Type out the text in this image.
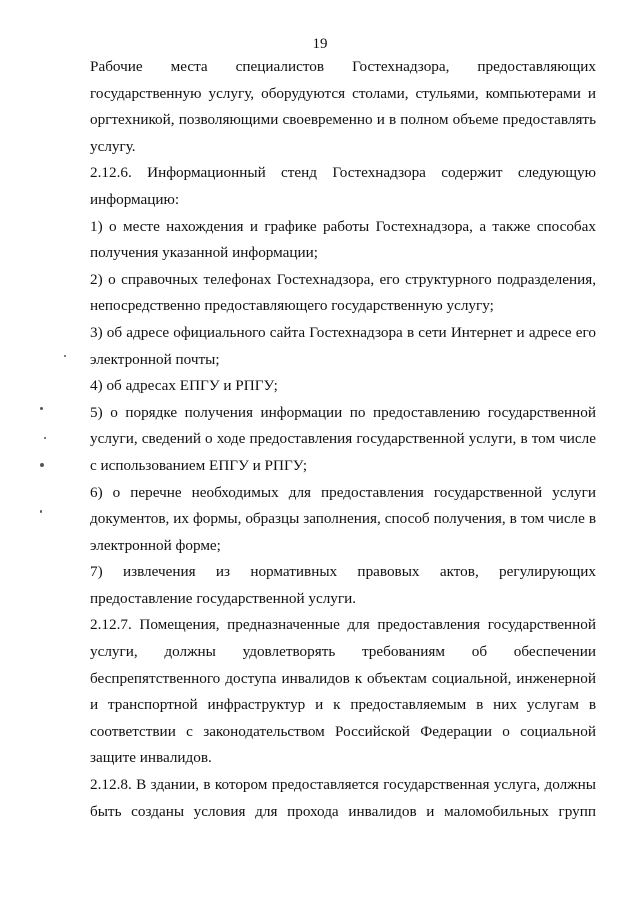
19

Рабочие места специалистов Гостехнадзора, предоставляющих государственную услугу, оборудуются столами, стульями, компьютерами и оргтехникой, позволяющими своевременно и в полном объеме предоставлять услугу.

2.12.6. Информационный стенд Гостехнадзора содержит следующую информацию:

1) о месте нахождения и графике работы Гостехнадзора, а также способах получения указанной информации;

2) о справочных телефонах Гостехнадзора, его структурного подразделения, непосредственно предоставляющего государственную услугу;

3) об адресе официального сайта Гостехнадзора в сети Интернет и адресе его электронной почты;

4) об адресах ЕПГУ и РПГУ;

5) о порядке получения информации по предоставлению государственной услуги, сведений о ходе предоставления государственной услуги, в том числе с использованием ЕПГУ и РПГУ;

6) о перечне необходимых для предоставления государственной услуги документов, их формы, образцы заполнения, способ получения, в том числе в электронной форме;

7) извлечения из нормативных правовых актов, регулирующих предоставление государственной услуги.

2.12.7. Помещения, предназначенные для предоставления государственной услуги, должны удовлетворять требованиям об обеспечении беспрепятственного доступа инвалидов к объектам социальной, инженерной и транспортной инфраструктур и к предоставляемым в них услугам в соответствии с законодательством Российской Федерации о социальной защите инвалидов.

2.12.8. В здании, в котором предоставляется государственная услуга, должны быть созданы условия для прохода инвалидов и маломобильных групп
